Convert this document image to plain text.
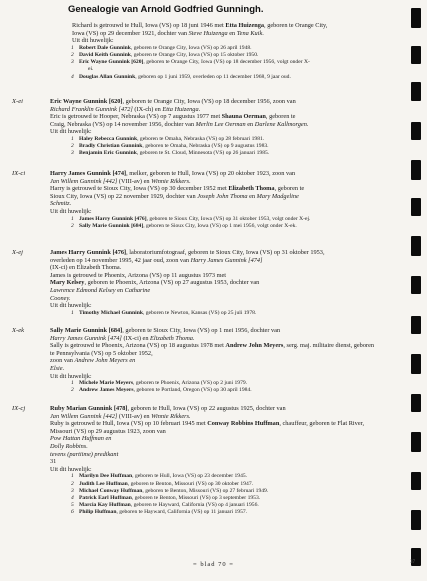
Genealogie van Arnold Godfried Gunningh.

Richard is getrouwd te Hull, Iowa (VS) op 18 juni 1946 met Etta Huizenga, geboren te Orange City,

Iowa (VS) op 29 december 1921, dochter van Steve Huizenga en Tena Kuik.

Uit dit huwelijk:

1 Robert Dale Gunnink, geboren te Orange City, Iowa (VS) op 26 april 1948.
2 David Keith Gunnink, geboren te Orange City, Iowa (VS) op 15 oktober 1950.
3 Eric Wayne Gunnink [620], geboren te Orange City, Iowa (VS) op 18 december 1956, volgt onder X-
ei.
4 Douglas Allan Gunnink, geboren op 1 juni 1959, overleden op 11 december 1968, 9 jaar oud.
X-ei	Eric Wayne Gunnink [620], geboren te Orange City, Iowa (VS) op 18 december 1956, zoon van

Richard Franklin Gunnink [472] (IX-ch) en Etta Huizenga.

Eric is getrouwd te Hooper, Nebraska (VS) op 7 augustus 1977 met Shauna Oerman, geboren te

Craig, Nebraska (VS) op 14 november 1956, dochter van Merlin Lee Oerman en Darlene Kallmorgen.

Uit dit huwelijk:

1 Haley Rebecca Gunnink, geboren te Omaha, Nebraska (VS) op 28 februari 1981.
2 Bradly Christian Gunnink, geboren te Omaha, Nebraska (VS) op 9 augustus 1983.
3 Benjamin Eric Gunnink, geboren te St. Cloud, Minnesota (VS) op 26 januari 1985.
IX-ci	Harry James Gunnink [474], melker, geboren te Hull, Iowa (VS) op 20 oktober 1923, zoon van

Jan Willem Gunnink [442] (VIII-av) en Winnie Rikkers.

Harry is getrouwd te Sioux City, Iowa (VS) op 30 december 1952 met Elizabeth Thoma, geboren te

Sioux City, Iowa (VS) op 22 november 1929, dochter van Joseph John Thoma en Mary Madgeline

Schmitz.

Uit dit huwelijk:

1 James Harry Gunnink [476], geboren te Sioux City, Iowa (VS) op 31 oktober 1953, volgt onder X-ej.
2 Sally Marie Gunnink [684], geboren te Sioux City, Iowa (VS) op 1 mei 1956, volgt onder X-ek.
X-ej	James Harry Gunnink [476], laboratoriumfotograaf, geboren te Sioux City, Iowa (VS) op 31 oktober 1953,

overleden op 14 november 1995, 42 jaar oud, zoon van Harry James Gunnink [474]

(IX-ci) en Elizabeth Thoma.

James is getrouwd te Phoenix, Arizona (VS) op 11 augustus 1973 met

Mary Kelsey, geboren te Phoenix, Arizona (VS) op 27 augustus 1953, dochter van

Lawrence Edmond Kelsey en Catharine

Cooney.

Uit dit huwelijk:

1 Timothy Michael Gunnink, geboren te Newton, Kansas (VS) op 25 juli 1978.
X-ek	Sally Marie Gunnink [684], geboren te Sioux City, Iowa (VS) op 1 mei 1956, dochter van

Harry James Gunnink [474] (IX-ci) en Elizabeth Thoma.

Sally is getrouwd te Phoenix, Arizona (VS) op 18 augustus 1978 met Andrew John Meyers, serg. maj. militaire dienst, geboren te Pennsylvania (VS) op 5 oktober 1952,

zoon van Andrew John Meyers en

Elsie.

Uit dit huwelijk:

1 Michele Marie Meyers, geboren te Phoenix, Arizona (VS) op 2 juni 1979.
2 Andrew James Meyers, geboren te Portland, Oregon (VS) op 30 april 1984.
IX-cj	Ruby Marian Gunnink [478], geboren te Hull, Iowa (VS) op 22 augustus 1925, dochter van

Jan Willem Gunnink [442] (VIII-av) en Winnie Rikkers.

Ruby is getrouwd te Hull, Iowa (VS) op 10 februari 1945 met Conway Robbins Huffman, chauffeur, geboren te Flat River, Missouri (VS) op 29 augustus 1923, zoon van

Pow Hattan Huffman en

Dolly Robbins.

tevens (partiime) predikant

31

Uit dit huwelijk:

1 Marilyn Dee Huffman, geboren te Hull, Iowa (VS) op 23 december 1945.
2 Judith Lee Huffman, geboren te Benton, Missouri (VS) op 30 oktober 1947.
3 Michael Conway Huffman, geboren te Benton, Missouri (VS) op 27 februari 1949.
4 Patrick Earl Huffman, geboren te Benton, Missouri (VS) op 3 september 1953.
5 Marcia Kay Huffman, geboren te Hayward, California (VS) op 4 januari 1956.
6 Philip Huffman, geboren te Hayward, California (VS) op 11 januari 1957.
= blad 70 =	37
